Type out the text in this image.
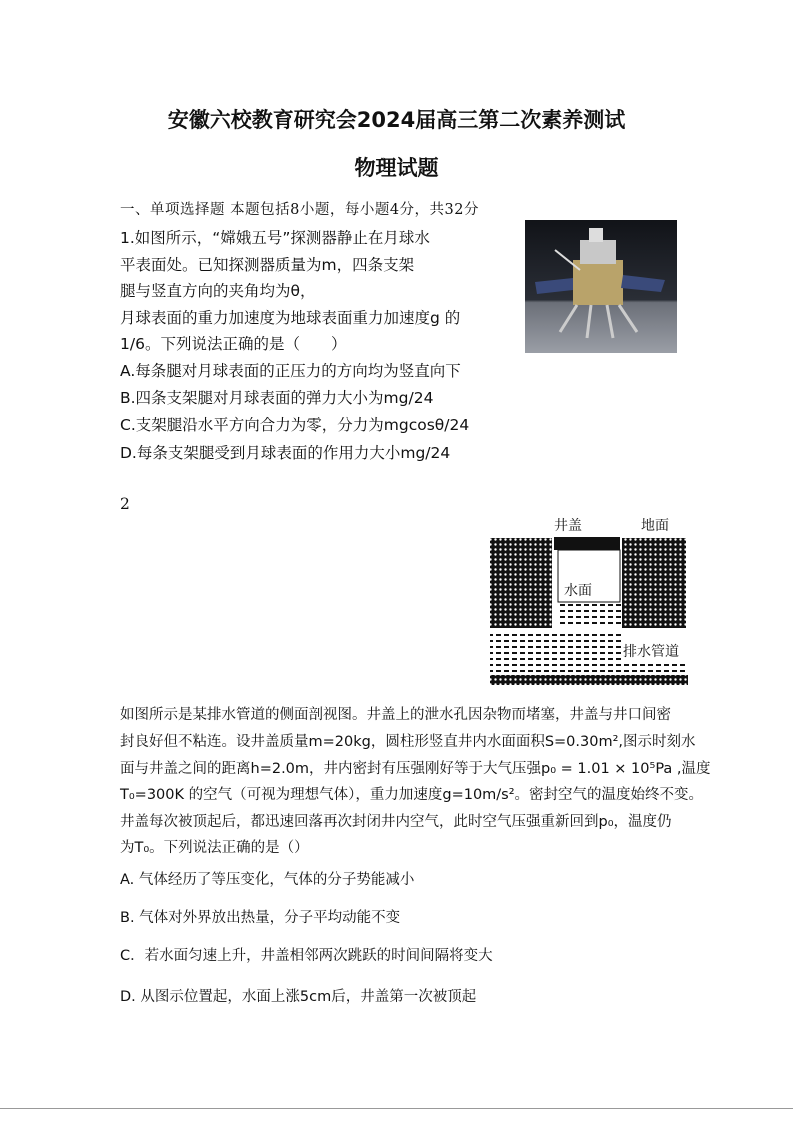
安徽六校教育研究会2024届高三第二次素养测试
物理试题
一、单项选择题 本题包括8小题，每小题4分，共32分
1.如图所示，“嫦娥五号”探测器静止在月球水
平表面处。已知探测器质量为m，四条支架
腿与竖直方向的夹角均为θ，
月球表面的重力加速度为地球表面重力加速度g 的
1/6。下列说法正确的是（　　）
A.每条腿对月球表面的正压力的方向均为竖直向下
B.四条支架腿对月球表面的弹力大小为mg/24
C.支架腿沿水平方向合力为零，分力为mgcosθ/24
D.每条支架腿受到月球表面的作用力大小mg/24
2
井盖	地面
水面
排水管道
如图所示是某排水管道的侧面剖视图。井盖上的泄水孔因杂物而堵塞，井盖与井口间密
封良好但不粘连。设井盖质量m=20kg，圆柱形竖直井内水面面积S=0.30m²,图示时刻水
面与井盖之间的距离h=2.0m，井内密封有压强刚好等于大气压强p₀ = 1.01 × 10⁵Pa ,温度
T₀=300K 的空气（可视为理想气体），重力加速度g=10m/s²。密封空气的温度始终不变。
井盖每次被顶起后，都迅速回落再次封闭井内空气，此时空气压强重新回到p₀，温度仍
为T₀。下列说法正确的是（）
A. 气体经历了等压变化，气体的分子势能减小
B. 气体对外界放出热量，分子平均动能不变
C．若水面匀速上升，井盖相邻两次跳跃的时间间隔将变大
D. 从图示位置起，水面上涨5cm后，井盖第一次被顶起
